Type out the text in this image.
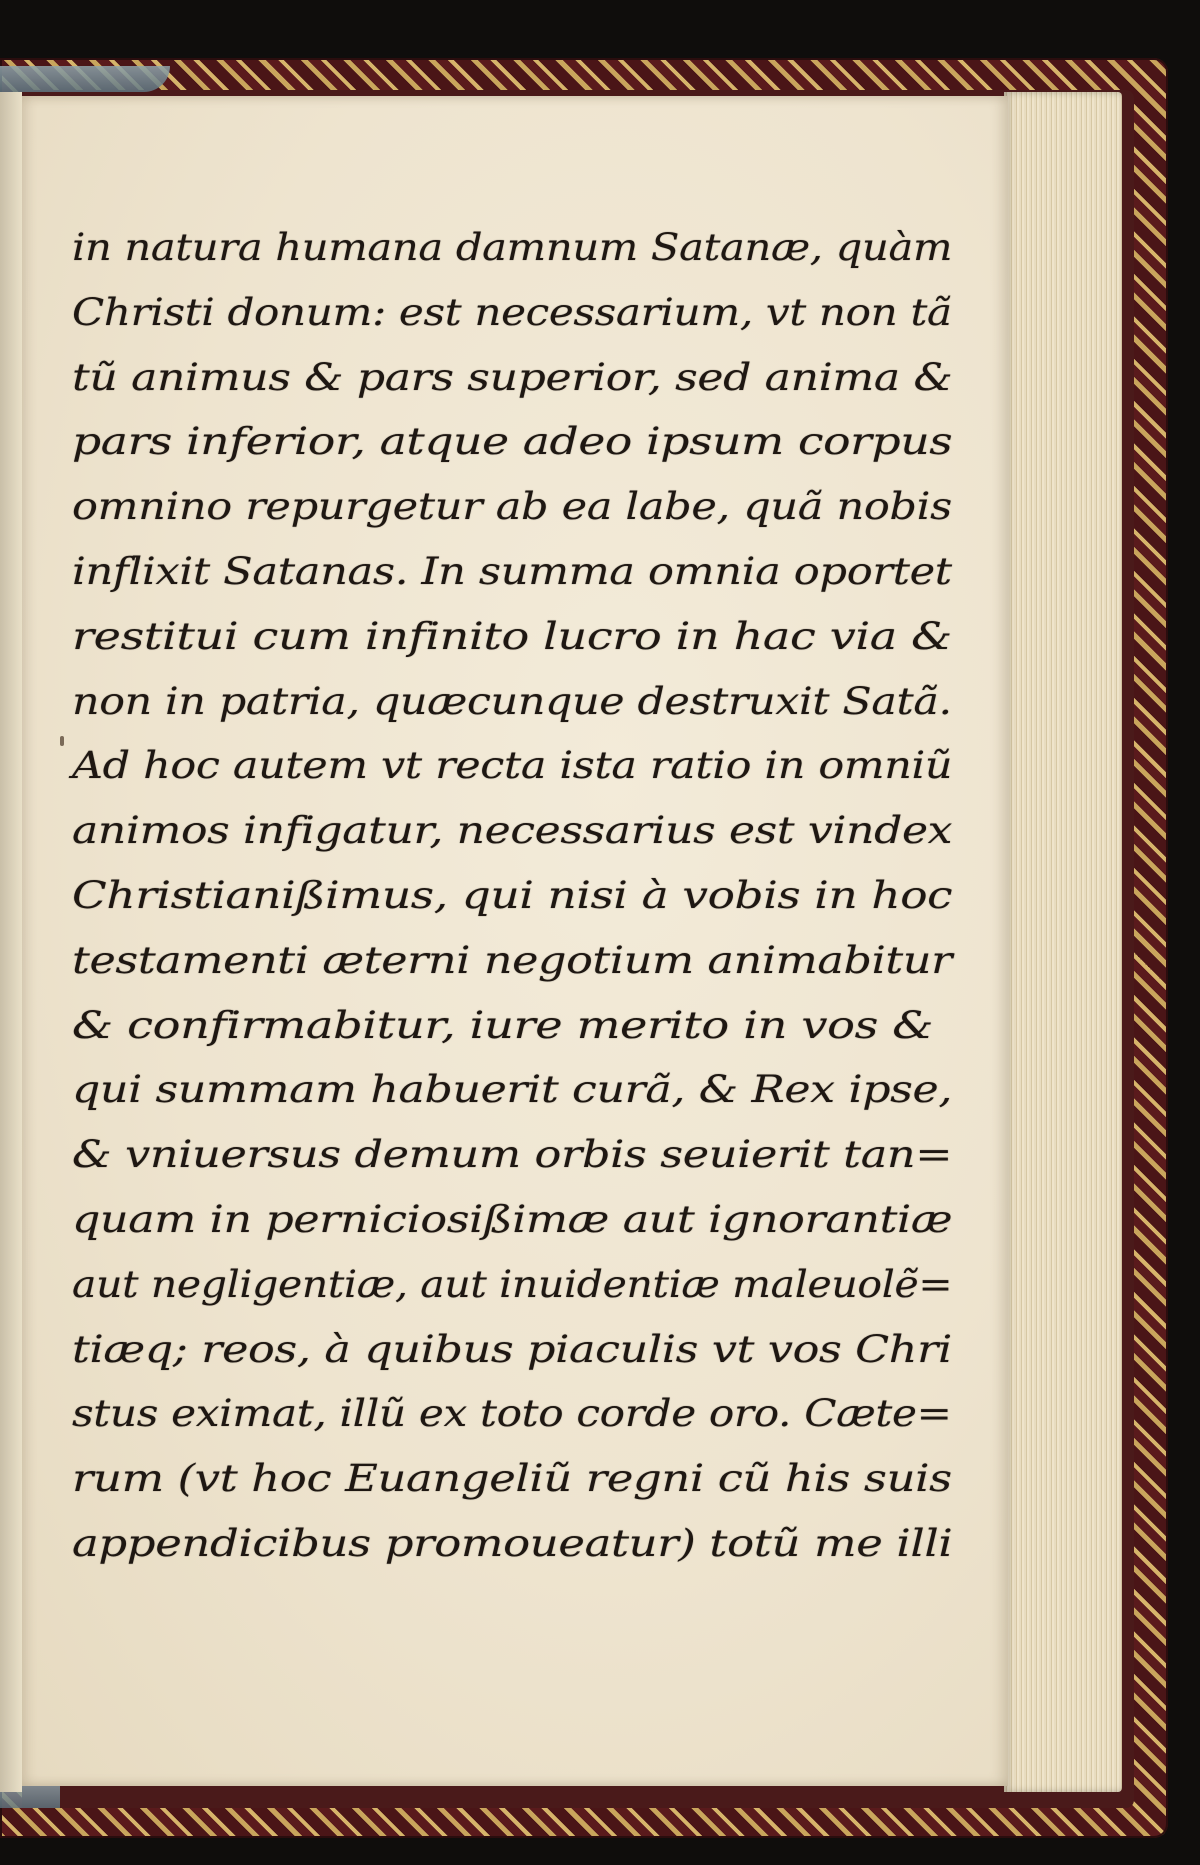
in natura humana damnum Satanæ, quàm
Christi donum: est necessarium, vt non tã
tũ animus & pars superior, sed anima &
pars inferior, atque adeo ipsum corpus
omnino repurgetur ab ea labe, quã nobis
inflixit Satanas. In summa omnia oportet
restitui cum infinito lucro in hac via &
non in patria, quæcunque destruxit Satã.
Ad hoc autem vt recta ista ratio in omniũ
animos infigatur, necessarius est vindex
Christianißimus, qui nisi à vobis in hoc
testamenti æterni negotium animabitur
& confirmabitur, iure merito in vos &
qui summam habuerit curã, & Rex ipse,
& vniuersus demum orbis seuierit tan=
quam in perniciosißimæ aut ignorantiæ
aut negligentiæ, aut inuidentiæ maleuolẽ=
tiæq; reos, à quibus piaculis vt vos Chri
stus eximat, illũ ex toto corde oro. Cæte=
rum (vt hoc Euangeliũ regni cũ his suis
appendicibus promoueatur) totũ me illi
